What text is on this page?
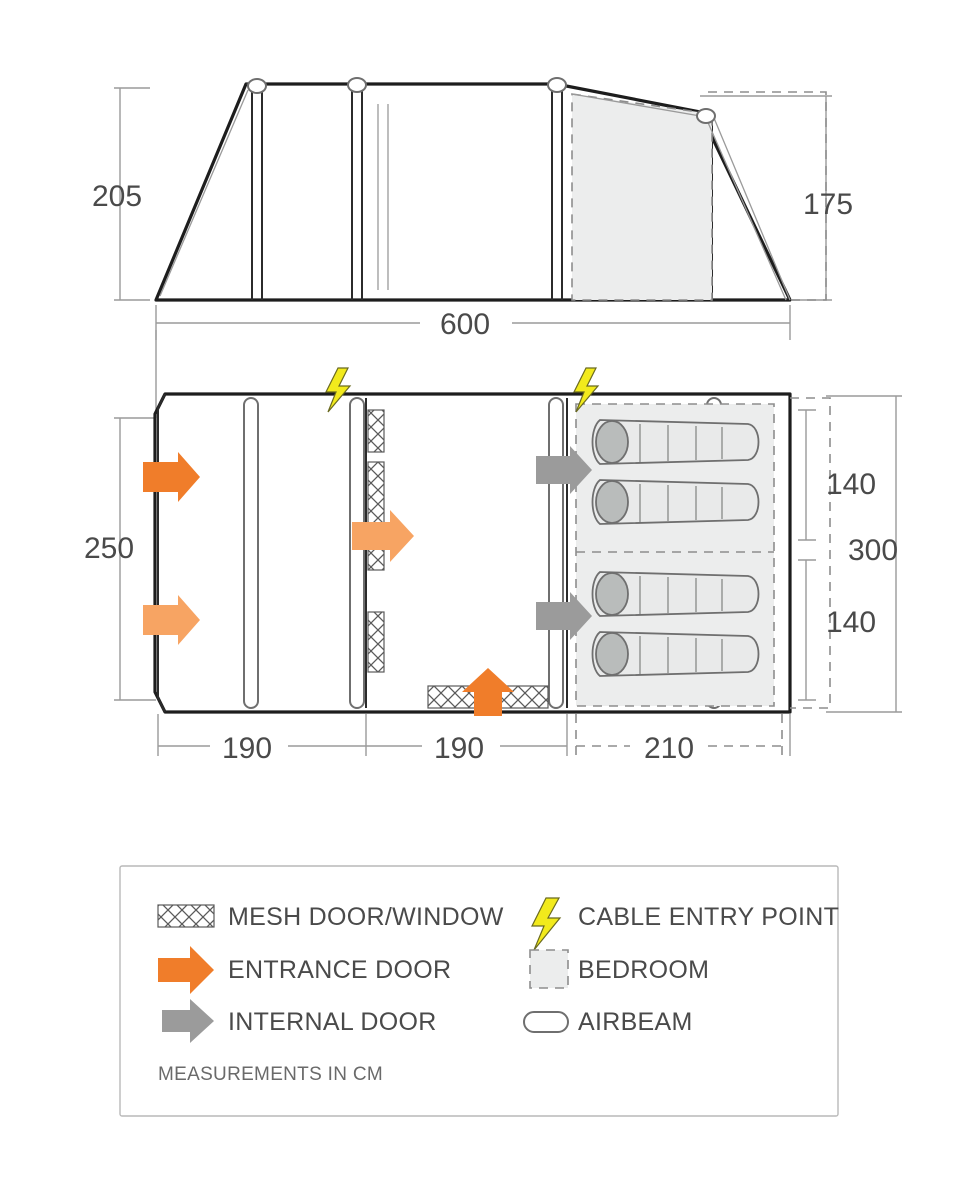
205	175
600
250
140
140
300
190	190	210
MESH DOOR/WINDOW	CABLE ENTRY POINT
ENTRANCE DOOR	BEDROOM
INTERNAL DOOR	AIRBEAM
MEASUREMENTS IN CM
